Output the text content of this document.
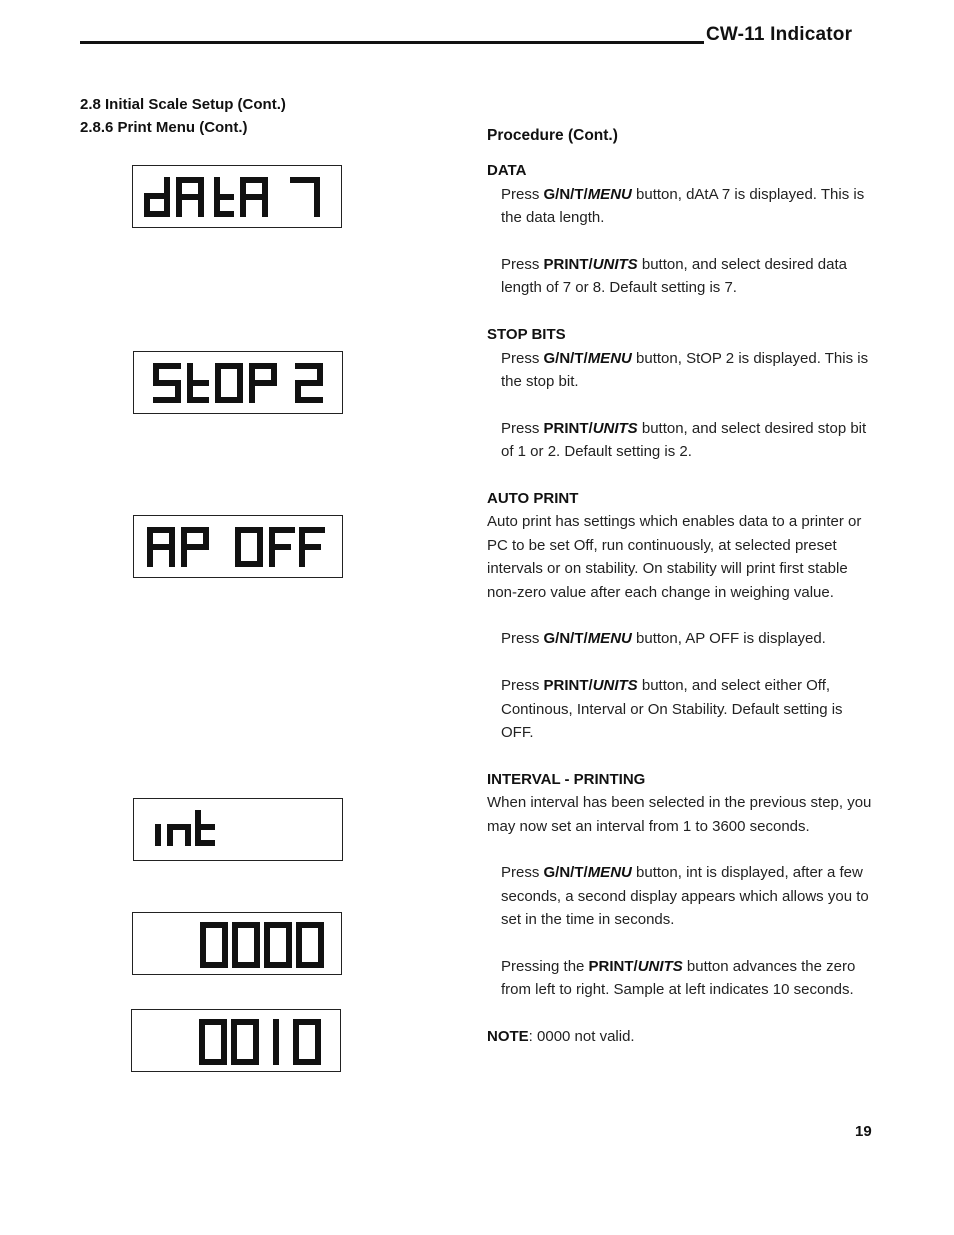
CW-11 Indicator
2.8 Initial Scale Setup (Cont.)
2.8.6 Print Menu (Cont.)	Procedure (Cont.)
DATA

Press G/N/T/MENU button, dAtA 7 is displayed. This is the data length.

Press PRINT/UNITS button, and select desired data length of 7 or 8. Default setting is 7.

STOP BITS

Press G/N/T/MENU button, StOP 2 is displayed. This is the stop bit.

Press PRINT/UNITS button, and select desired stop bit of 1 or 2. Default setting is 2.

AUTO PRINT

Auto print has settings which enables data to a printer or PC to be set Off, run continuously, at selected preset intervals or on stability. On stability will print first stable non-zero value after each change in weighing value.

Press G/N/T/MENU button, AP OFF is displayed.

Press PRINT/UNITS button, and select either Off, Continous, Interval or On Stability. Default setting is OFF.

INTERVAL - PRINTING

When interval has been selected in the previous step, you may now set an interval from 1 to 3600 seconds.

Press G/N/T/MENU button, int is displayed, after a few seconds, a second display appears which allows you to set in the time in seconds.

Pressing the PRINT/UNITS button advances the zero from left to right. Sample at left indicates 10 seconds.

NOTE: 0000 not valid.

19
